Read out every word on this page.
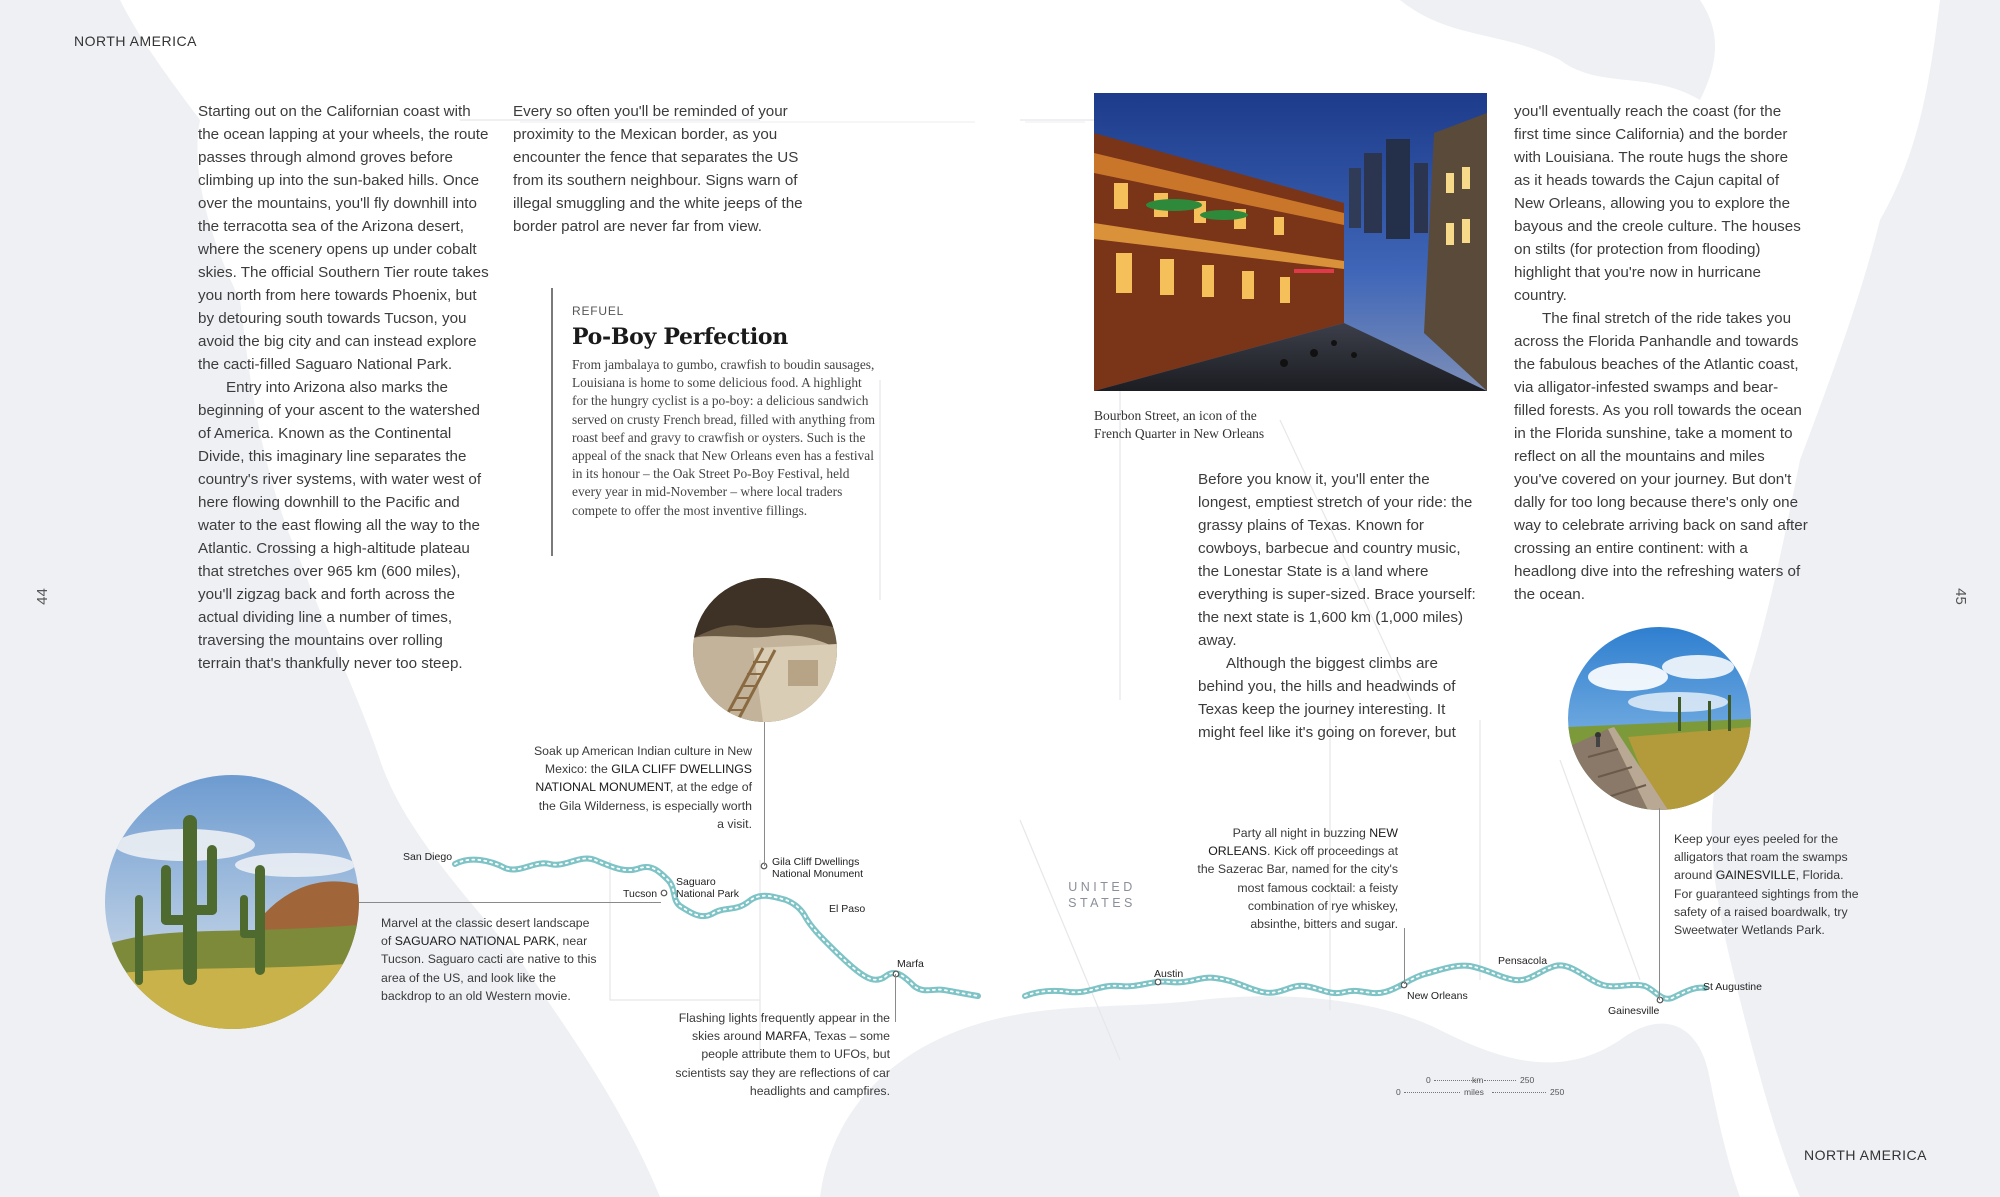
NORTH AMERICA
NORTH AMERICA
44	45

Starting out on the Californian coast with the ocean lapping at your wheels, the route passes through almond groves before climbing up into the sun-baked hills. Once over the mountains, you'll fly downhill into the terracotta sea of the Arizona desert, where the scenery opens up under cobalt skies. The official Southern Tier route takes you north from here towards Phoenix, but by detouring south towards Tucson, you avoid the big city and can instead explore the cacti-filled Saguaro National Park.

Entry into Arizona also marks the beginning of your ascent to the watershed of America. Known as the Continental Divide, this imaginary line separates the country's river systems, with water west of here flowing downhill to the Pacific and water to the east flowing all the way to the Atlantic. Crossing a high-altitude plateau that stretches over 965 km (600 miles), you'll zigzag back and forth across the actual dividing line a number of times, traversing the mountains over rolling terrain that's thankfully never too steep.

Every so often you'll be reminded of your proximity to the Mexican border, as you encounter the fence that separates the US from its southern neighbour. Signs warn of illegal smuggling and the white jeeps of the border patrol are never far from view.

REFUEL
Po-Boy Perfection
From jambalaya to gumbo, crawfish to boudin sausages, Louisiana is home to some delicious food. A highlight for the hungry cyclist is a po-boy: a delicious sandwich served on crusty French bread, filled with anything from roast beef and gravy to crawfish or oysters. Such is the appeal of the snack that New Orleans even has a festival in its honour – the Oak Street Po-Boy Festival, held every year in mid-November – where local traders compete to offer the most inventive fillings.
Bourbon Street, an icon of the
French Quarter in New Orleans

Before you know it, you'll enter the longest, emptiest stretch of your ride: the grassy plains of Texas. Known for cowboys, barbecue and country music, the Lonestar State is a land where everything is super-sized. Brace yourself: the next state is 1,600 km (1,000 miles) away.

Although the biggest climbs are behind you, the hills and headwinds of Texas keep the journey interesting. It might feel like it's going on forever, but

you'll eventually reach the coast (for the first time since California) and the border with Louisiana. The route hugs the shore as it heads towards the Cajun capital of New Orleans, allowing you to explore the bayous and the creole culture. The houses on stilts (for protection from flooding) highlight that you're now in hurricane country.

The final stretch of the ride takes you across the Florida Panhandle and towards the fabulous beaches of the Atlantic coast, via alligator-infested swamps and bear-filled forests. As you roll towards the ocean in the Florida sunshine, take a moment to reflect on all the mountains and miles you've covered on your journey. But don't dally for too long because there's only one way to celebrate arriving back on sand after crossing an entire continent: with a headlong dive into the refreshing waters of the ocean.

Soak up American Indian culture in New Mexico: the GILA CLIFF DWELLINGS NATIONAL MONUMENT, at the edge of the Gila Wilderness, is especially worth a visit.
Marvel at the classic desert landscape of SAGUARO NATIONAL PARK, near Tucson. Saguaro cacti are native to this area of the US, and look like the backdrop to an old Western movie.
Flashing lights frequently appear in the skies around MARFA, Texas – some people attribute them to UFOs, but scientists say they are reflections of car headlights and campfires.
Party all night in buzzing NEW ORLEANS. Kick off proceedings at the Sazerac Bar, named for the city's most famous cocktail: a feisty combination of rye whiskey, absinthe, bitters and sugar.
Keep your eyes peeled for the alligators that roam the swamps around GAINESVILLE, Florida. For guaranteed sightings from the safety of a raised boardwalk, try Sweetwater Wetlands Park.
San Diego
Tucson
Saguaro
National Park
Gila Cliff Dwellings
National Monument
El Paso
Marfa
Austin
New Orleans
Pensacola
Gainesville
St Augustine
UNITED
STATES
0	km	250
0	miles	250
